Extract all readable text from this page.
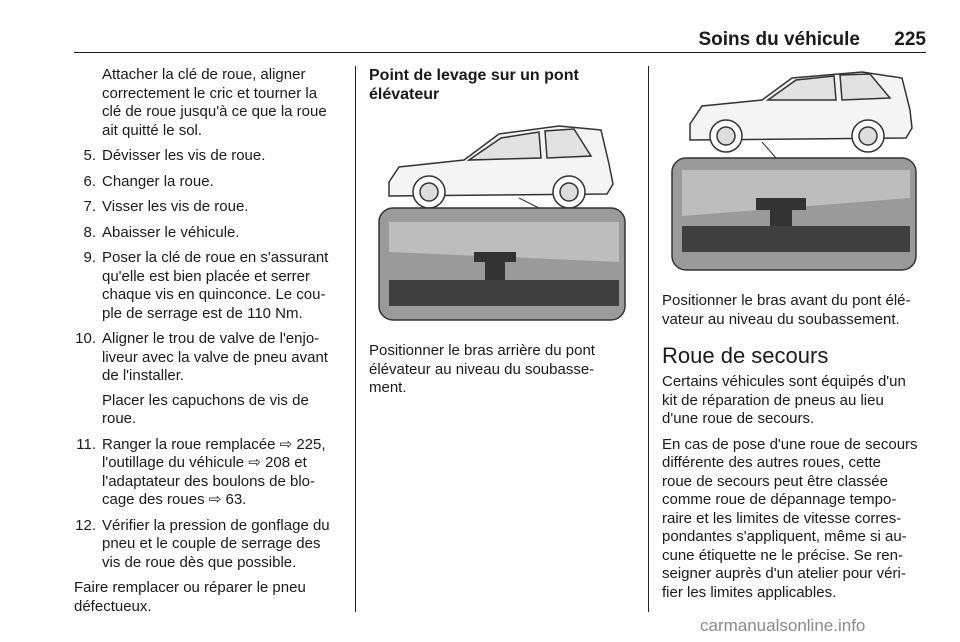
Soins du véhicule	225
Attacher la clé de roue, aligner
correctement le cric et tourner la
clé de roue jusqu'à ce que la roue
ait quitté le sol.
5. Dévisser les vis de roue.
6. Changer la roue.
7. Visser les vis de roue.
8. Abaisser le véhicule.
9. Poser la clé de roue en s'assurant
qu'elle est bien placée et serrer
chaque vis en quinconce. Le cou-
ple de serrage est de 110 Nm.
10. Aligner le trou de valve de l'enjo-
liveur avec la valve de pneu avant
de l'installer.
Placer les capuchons de vis de
roue.
11. Ranger la roue remplacée ⇨ 225,
l'outillage du véhicule ⇨ 208 et
l'adaptateur des boulons de blo-
cage des roues ⇨ 63.
12. Vérifier la pression de gonflage du
pneu et le couple de serrage des
vis de roue dès que possible.
Faire remplacer ou réparer le pneu
défectueux.
Point de levage sur un pont
élévateur
Positionner le bras arrière du pont
élévateur au niveau du soubasse-
ment.
Positionner le bras avant du pont élé-
vateur au niveau du soubassement.
Roue de secours
Certains véhicules sont équipés d'un
kit de réparation de pneus au lieu
d'une roue de secours.
En cas de pose d'une roue de secours
différente des autres roues, cette
roue de secours peut être classée
comme roue de dépannage tempo-
raire et les limites de vitesse corres-
pondantes s'appliquent, même si au-
cune étiquette ne le précise. Se ren-
seigner auprès d'un atelier pour véri-
fier les limites applicables.
carmanualsonline.info
